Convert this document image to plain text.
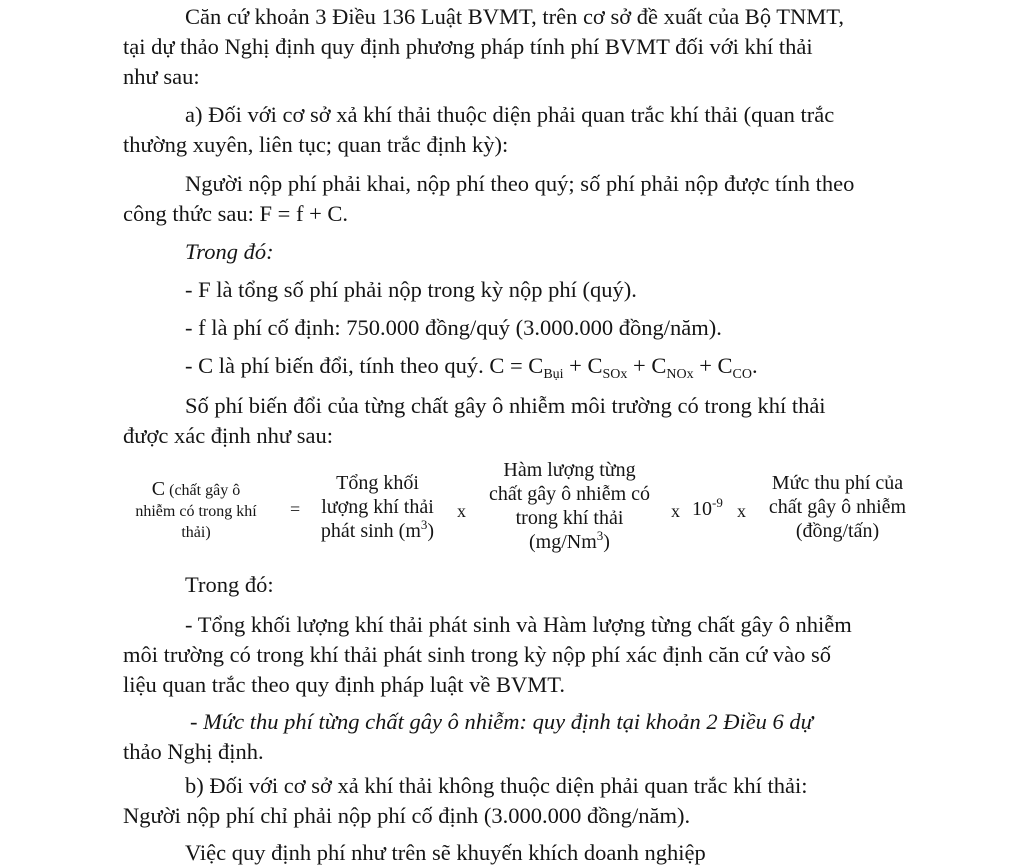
Căn cứ khoản 3 Điều 136 Luật BVMT, trên cơ sở đề xuất của Bộ TNMT,
tại dự thảo Nghị định quy định phương pháp tính phí BVMT đối với khí thải
như sau:
a) Đối với cơ sở xả khí thải thuộc diện phải quan trắc khí thải (quan trắc
thường xuyên, liên tục; quan trắc định kỳ):
Người nộp phí phải khai, nộp phí theo quý; số phí phải nộp được tính theo
công thức sau: F = f + C.
Trong đó:
- F là tổng số phí phải nộp trong kỳ nộp phí (quý).
- f là phí cố định: 750.000 đồng/quý (3.000.000 đồng/năm).
- C là phí biến đổi, tính theo quý. $C = C_{Bụi} + C_{SOx} + C_{NOx} + C_{CO}$.
Số phí biến đổi của từng chất gây ô nhiễm môi trường có trong khí thải
được xác định như sau:
C (chất gây ô
nhiễm có trong khí
thải)
=
Tổng khối
lượng khí thải
phát $\sinh (m^3)$
x
Hàm lượng từng
chất gây ô nhiễm có
trong khí thải
(mg/Nm$^3$)
x $10^{-9}$ x
Mức thu phí của
chất gây ô nhiễm
(đồng/tấn)
Trong đó:
- Tổng khối lượng khí thải phát sinh và Hàm lượng từng chất gây ô nhiễm
môi trường có trong khí thải phát sinh trong kỳ nộp phí xác định căn cứ vào số
liệu quan trắc theo quy định pháp luật về BVMT.
- Mức thu phí từng chất gây ô nhiễm: quy định tại khoản 2 Điều 6 dự
thảo Nghị định.
b) Đối với cơ sở xả khí thải không thuộc diện phải quan trắc khí thải:
Người nộp phí chỉ phải nộp phí cố định (3.000.000 đồng/năm).
Việc quy định phí như trên sẽ khuyến khích doanh nghiệp
